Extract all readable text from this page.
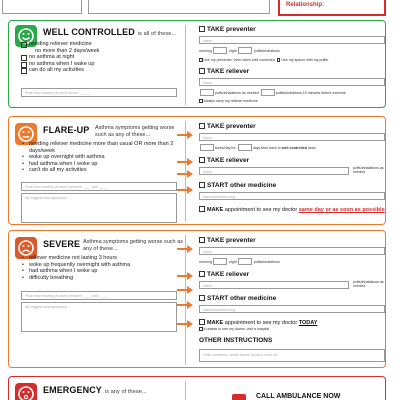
Relationship:
WELL CONTROLLED is all of these...
needing reliever medicine
no more than 2 days/week
no asthma at night
no asthma when I wake up
can do all my activities
Peak flow reading (if used) above ______
TAKE preventer
Name
morning	night	puffs/inhalations
Use my preventer, even when well controlled Use my spacer with my puffer
TAKE reliever
Name
puffs/inhalations as needed	puffs/inhalations 15 minutes before exercise
Always carry my reliever medicine
FLARE-UP Asthma symptoms getting worse such as any of these...
• needing reliever medicine more than usual OR more than 2 days/week
• woke up overnight with asthma
• had asthma when I woke up
• can't do all my activities
Peak flow reading (if used) between ____ and ____
My triggers and symptoms
TAKE preventer
Name
times/day for	days then back to well controlled dose
TAKE reliever
Name
puffs/inhalations as needed
START other medicine
Name/dose/how long
MAKE appointment to see my doctor same day or as soon as possible
SEVERE Asthma symptoms getting worse such as any of these...
• reliever medicine not lasting 3 hours
• woke up frequently overnight with asthma
• had asthma when I woke up
• difficulty breathing
Peak flow reading (if used) between ____ and ____
My triggers and symptoms
TAKE preventer
Name
morning	night	puffs/inhalations
TAKE reliever
Name
puffs/inhalations as needed
START other medicine
Name/dose/how long
MAKE appointment to see my doctor TODAY
If unable to see my doctor, visit a hospital
OTHER INSTRUCTIONS
Other medicines, health issues, doctor's notes etc.
EMERGENCY is any of these...
CALL AMBULANCE NOW
